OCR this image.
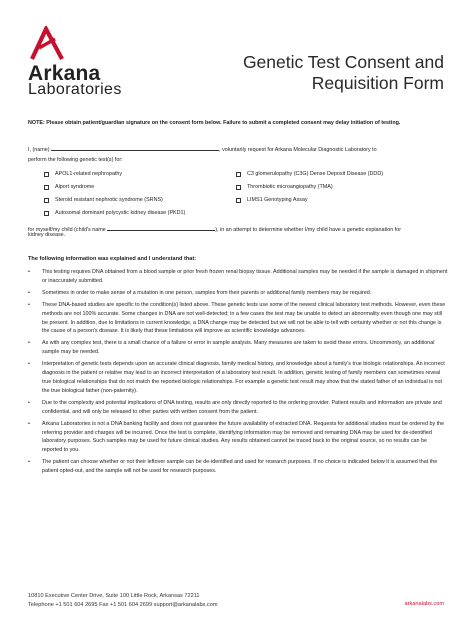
Arkana
Laboratories
Genetic Test Consent and
Requisition Form
NOTE: Please obtain patient/guardian signature on the consent form below. Failure to submit a completed consent may delay initiation of testing.
I, (name)	, voluntarily request for Arkana Molecular Diagnostic Laboratory to
perform the following genetic test(s) for:
APOL1-related nephropathy
Alport syndrome
Steroid resistant nephrotic syndrome (SRNS)
Autosomal dominant polycystic kidney disease (PKD1)
C3 glomerulopathy (C3G) Dense Deposit Disease (DDD)
Thrombiotic microangiopathy (TMA)
LIMS1 Genotyping Assay
for myself/my child (child's name	), in an attempt to determine whether I/my child have a genetic explanation for
kidney disease.
The following information was explained and I understand that:
•	This testing requires DNA obtained from a blood sample or prior fresh frozen renal biopsy tissue. Additional samples may be needed if the sample is damaged in shipment or inaccurately submitted.
•	Sometimes in order to make sense of a mutation in one person, samples from their parents or additional family members may be required.
•	These DNA-based studies are specific to the condition(s) listed above. These genetic tests use some of the newest clinical laboratory test methods. However, even these methods are not 100% accurate. Some changes in DNA are not well-detected; in a few cases the test may be unable to detect an abnormality even though one may still be present. In addition, due to limitations in current knowledge, a DNA change may be detected but we will not be able to tell with certainty whether or not this change is the cause of a person's disease. It is likely that these limitations will improve as scientific knowledge advances.
•	As with any complex test, there is a small chance of a failure or error in sample analysis. Many measures are taken to avoid these errors. Uncommonly, an additional sample may be needed.
•	Interpretation of genetic tests depends upon an accurate clinical diagnosis, family medical history, and knowledge about a family's true biologic relationships. An incorrect diagnosis in the patient or relative may lead to an incorrect interpretation of a laboratory test result. In addition, genetic testing of family members can sometimes reveal true biological relationships that do not match the reported biologic relationships. For example a genetic test result may show that the stated father of an individual is not the true biological father (non-paternity).
•	Due to the complexity and potential implications of DNA testing, results are only directly reported to the ordering provider. Patient results and information are private and confidential, and will only be released to other parties with written consent from the patient.
•	Arkana Laboratories is not a DNA banking facility and does not guarantee the future availability of extracted DNA. Requests for additional studies must be ordered by the referring provider and charges will be incurred. Once the test is complete, identifying information may be removed and remaining DNA may be used for de-identified laboratory purposes. Such samples may be used for future clinical studies. Any results obtained cannot be traced back to the original source, so no results can be reported to you.
•	The patient can choose whether or not their leftover sample can be de-identified and used for research purposes. If no choice is indicated below it is assumed that the patient opted-out, and the sample will not be used for research purposes.
10810 Executive Center Drive, Suite 100 Little Rock, Arkansas 72211
Telephone +1 501 604 2695 Fax +1 501 604 2699 support@arkanalabs.com	arkanalabs.com
